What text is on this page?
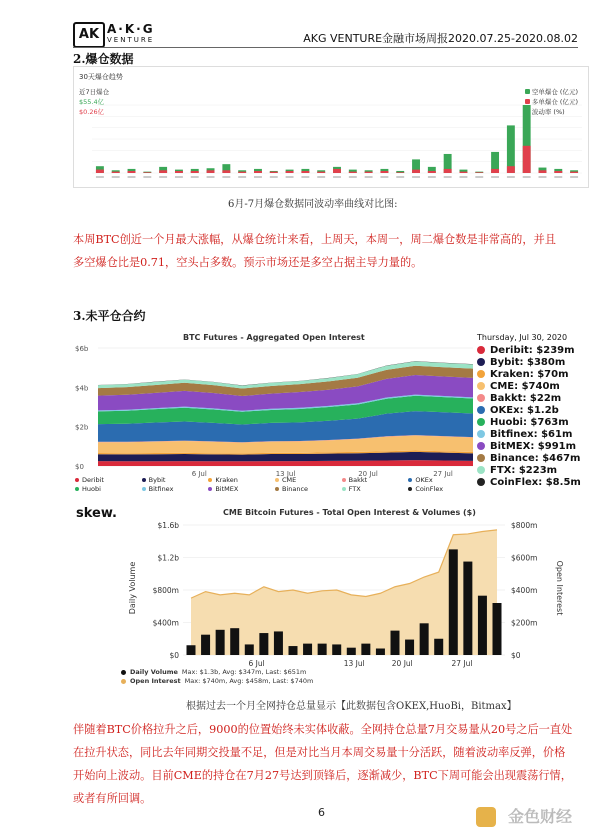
AK A·K·G
VENTURE	AKG VENTURE金融市场周报2020.07.25-2020.08.02
2.爆仓数据
30天爆仓趋势
近7日爆仓
$55.4亿
$0.26亿
空单爆仓 (亿元)
多单爆仓 (亿元)
波动率 (%)
6月-7月爆仓数据同波动率曲线对比图:
本周BTC创近一个月最大涨幅，从爆仓统计来看，上周天，本周一，周二爆仓数是非常高的，并且多空爆仓比是0.71，空头占多数。预示市场还是多空占据主导力量的。
3.未平仓合约
BTC Futures - Aggregated Open Interest
$0
$2b
$4b
$6b
6 Jul	13 Jul	20 Jul	27 Jul
Deribit	Bybit	Kraken	CME	Bakkt	OKEx
Huobi	Bitfinex	BitMEX	Binance	FTX	CoinFlex
Thursday, Jul 30, 2020
Deribit: $239m
Bybit: $380m
Kraken: $70m
CME: $740m
Bakkt: $22m
OKEx: $1.2b
Huobi: $763m
Bitfinex: $61m
BitMEX: $991m
Binance: $467m
FTX: $223m
CoinFlex: $8.5m
skew.	CME Bitcoin Futures - Total Open Interest & Volumes ($)
$0	$0
$400m	$200m
$800m	$400m
$1.2b	$600m
$1.6b	$800m
Daily Volume	Open Interest
6 Jul	13 Jul	20 Jul	27 Jul
Daily Volume Max: $1.3b, Avg: $347m, Last: $651m
Open Interest Max: $740m, Avg: $458m, Last: $740m
根据过去一个月全网持仓总量显示【此数据包含OKEX,HuoBi，Bitmax】
伴随着BTC价格拉升之后，9000的位置始终未实体收蔽。全网持仓总量7月交易量从20号之后一直处在拉升状态，同比去年同期交投量不足，但是对比当月本周交易量十分活跃，随着波动率反弹，价格开始向上波动。目前CME的持仓在7月27号达到顶锋后，逐渐减少，BTC下周可能会出现震荡行情，或者有所回调。
6	金色财经
